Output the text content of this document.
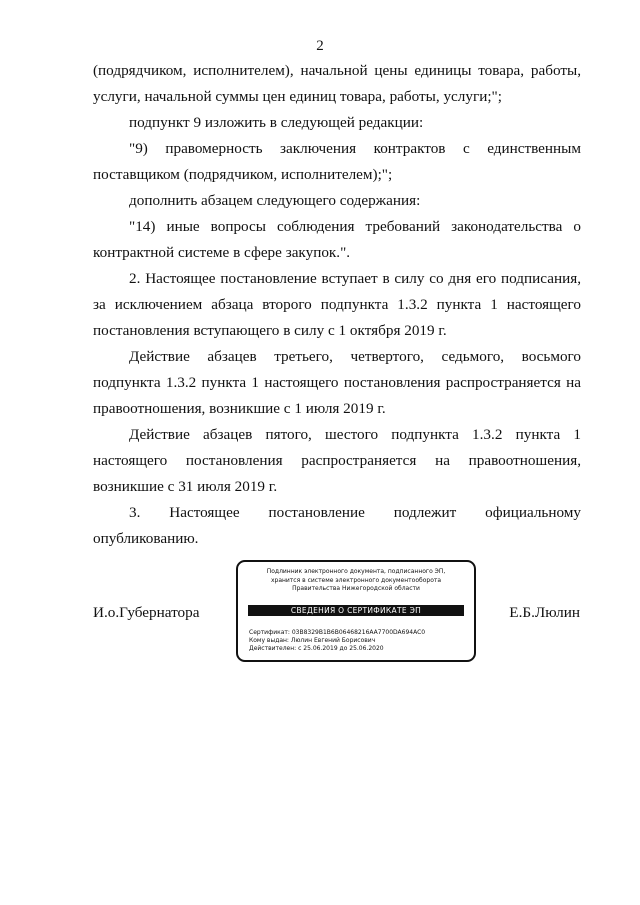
2

(подрядчиком, исполнителем), начальной цены единицы товара, работы, услуги, начальной суммы цен единиц товара, работы, услуги;";

подпункт 9 изложить в следующей редакции:

"9) правомерность заключения контрактов с единственным поставщиком (подрядчиком, исполнителем);";

дополнить абзацем следующего содержания:

"14) иные вопросы соблюдения требований законодательства о контрактной системе в сфере закупок.".

2. Настоящее постановление вступает в силу со дня его подписания, за исключением абзаца второго подпункта 1.3.2 пункта 1 настоящего постановления вступающего в силу с 1 октября 2019 г.

Действие абзацев третьего, четвертого, седьмого, восьмого подпункта 1.3.2 пункта 1 настоящего постановления распространяется на правоотношения, возникшие с 1 июля 2019 г.

Действие абзацев пятого, шестого подпункта 1.3.2 пункта 1 настоящего постановления распространяется на правоотношения, возникшие с 31 июля 2019 г.

3. Настоящее постановление подлежит официальному опубликованию.

И.о.Губернатора	Е.Б.Люлин
Подлинник электронного документа, подписанного ЭП,
хранится в системе электронного документооборота
Правительства Нижегородской области
СВЕДЕНИЯ О СЕРТИФИКАТЕ ЭП
Сертификат: 03B8329B1B6B06468216AA7700DA694AC0
Кому выдан: Люлин Евгений Борисович
Действителен: с 25.06.2019 до 25.06.2020
